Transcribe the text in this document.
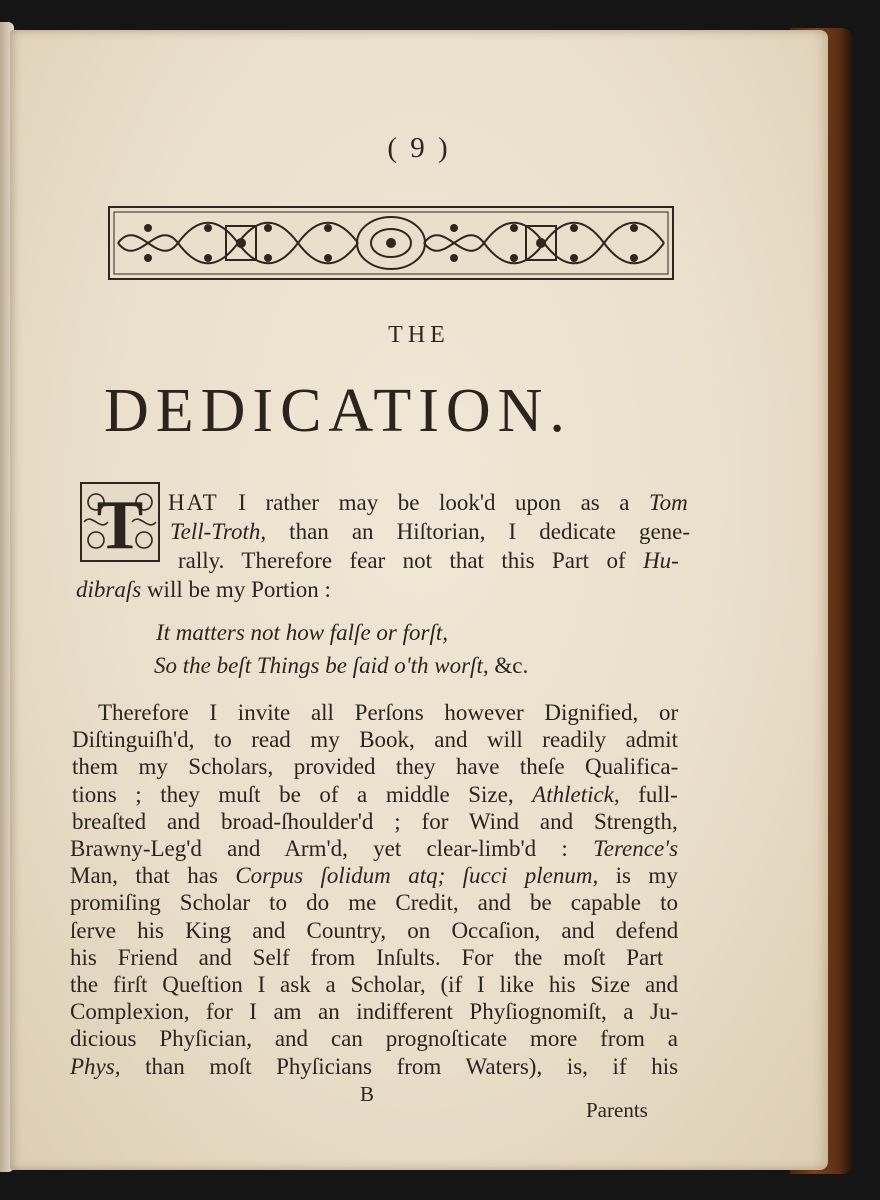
( 9 )
THE
DEDICATION.
T HAT I rather may be look'd upon as a Tom
Tell-Troth, than an Hiſtorian, I dedicate gene-
rally. Therefore fear not that this Part of Hu-
dibraſs will be my Portion :
It matters not how falſe or forſt,
So the beſt Things be ſaid o'th worſt, &c.
Therefore I invite all Perſons however Dignified, or
Diſtinguiſh'd, to read my Book, and will readily admit
them my Scholars, provided they have theſe Qualifica-
tions ; they muſt be of a middle Size, Athletick, full-
breaſted and broad-ſhoulder'd ; for Wind and Strength,
Brawny-Leg'd and Arm'd, yet clear-limb'd : Terence's
Man, that has Corpus ſolidum atq; ſucci plenum, is my
promiſing Scholar to do me Credit, and be capable to
ſerve his King and Country, on Occaſion, and defend
his Friend and Self from Inſults. For the moſt Part
the firſt Queſtion I ask a Scholar, (if I like his Size and
Complexion, for I am an indifferent Phyſiognomiſt, a Ju-
dicious Phyſician, and can prognoſticate more from a
Phys, than moſt Phyſicians from Waters), is, if his
B
Parents
